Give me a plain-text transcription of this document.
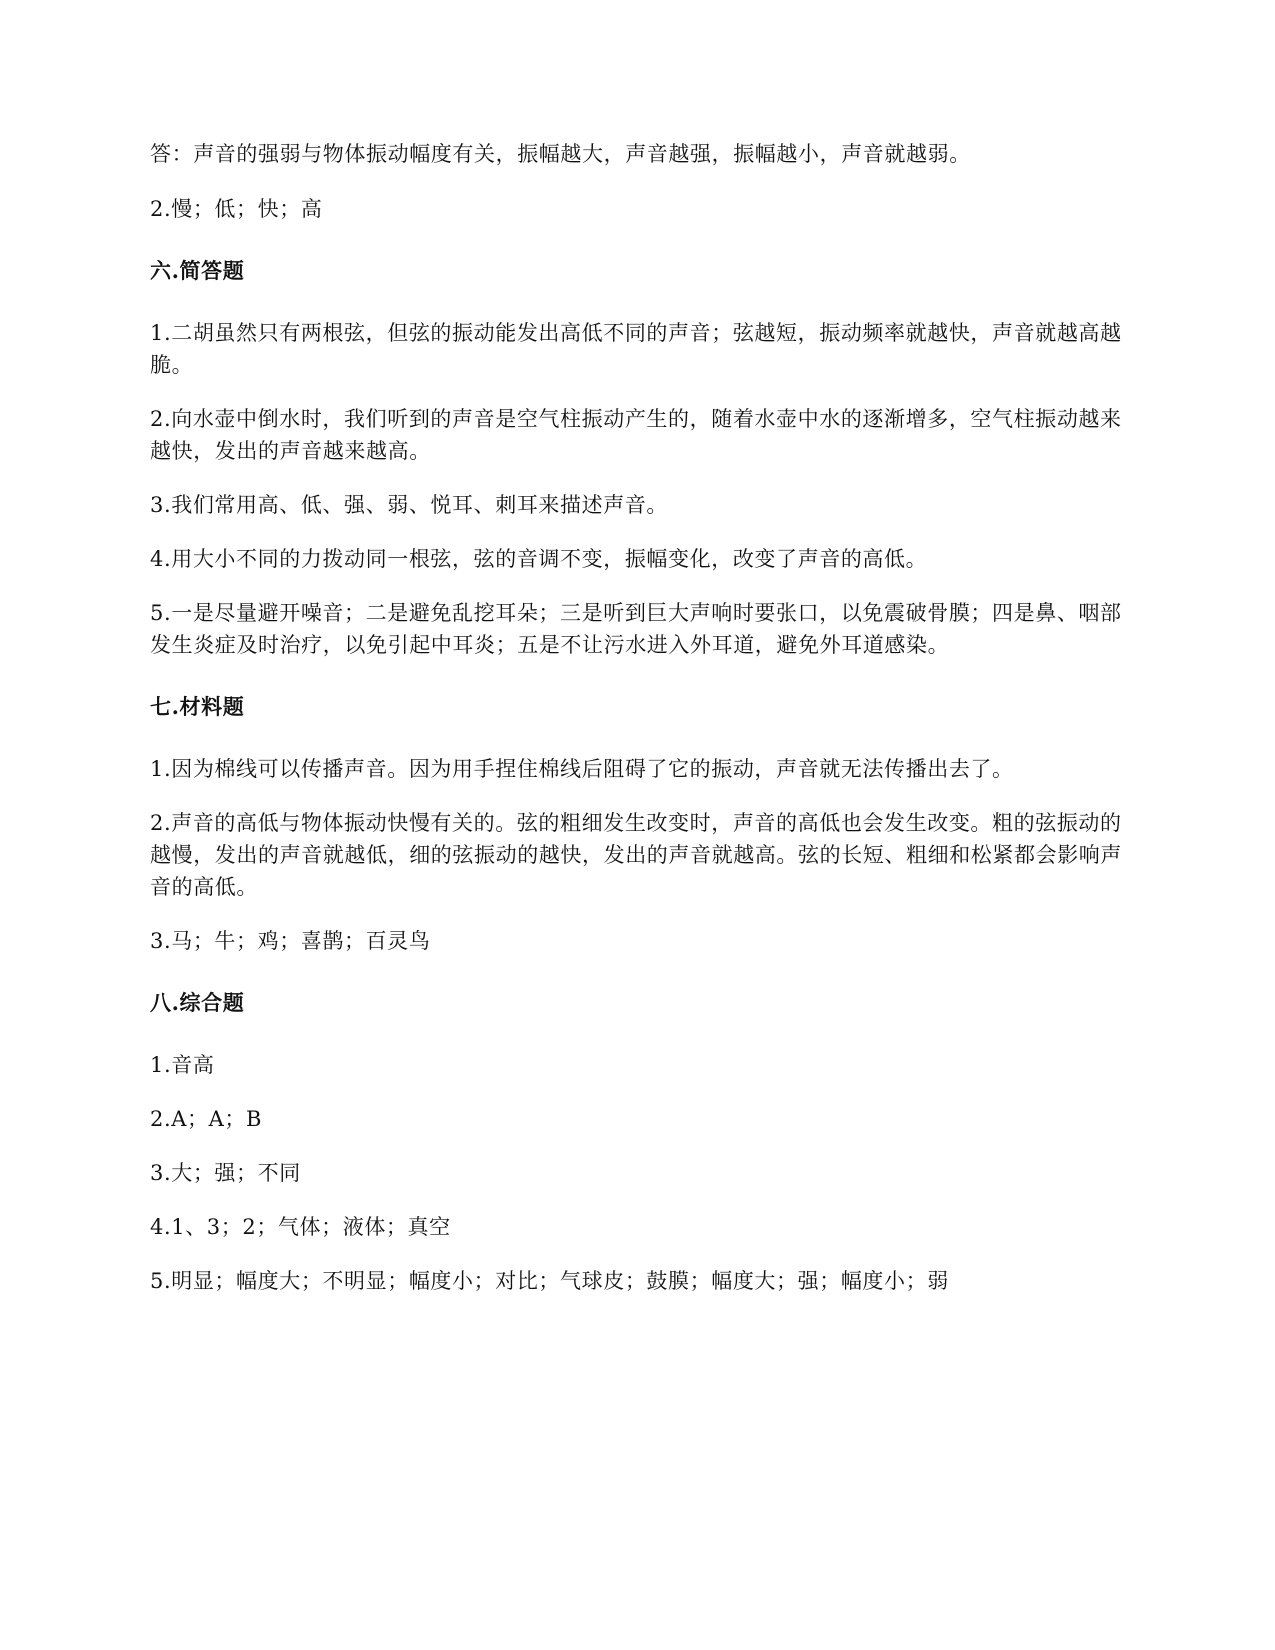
答：声音的强弱与物体振动幅度有关，振幅越大，声音越强，振幅越小，声音就越弱。

2.慢；低；快；高

六.简答题

1.二胡虽然只有两根弦，但弦的振动能发出高低不同的声音；弦越短，振动频率就越快，声音就越高越脆。

2.向水壶中倒水时，我们听到的声音是空气柱振动产生的，随着水壶中水的逐渐增多，空气柱振动越来越快，发出的声音越来越高。

3.我们常用高、低、强、弱、悦耳、刺耳来描述声音。

4.用大小不同的力拨动同一根弦，弦的音调不变，振幅变化，改变了声音的高低。

5.一是尽量避开噪音；二是避免乱挖耳朵；三是听到巨大声响时要张口，以免震破骨膜；四是鼻、咽部发生炎症及时治疗，以免引起中耳炎；五是不让污水进入外耳道，避免外耳道感染。

七.材料题

1.因为棉线可以传播声音。因为用手捏住棉线后阻碍了它的振动，声音就无法传播出去了。

2.声音的高低与物体振动快慢有关的。弦的粗细发生改变时，声音的高低也会发生改变。粗的弦振动的越慢，发出的声音就越低，细的弦振动的越快，发出的声音就越高。弦的长短、粗细和松紧都会影响声音的高低。

3.马；牛；鸡；喜鹊；百灵鸟

八.综合题

1.音高

2.A；A；B

3.大；强；不同

4.1、3；2；气体；液体；真空

5.明显；幅度大；不明显；幅度小；对比；气球皮；鼓膜；幅度大；强；幅度小；弱
